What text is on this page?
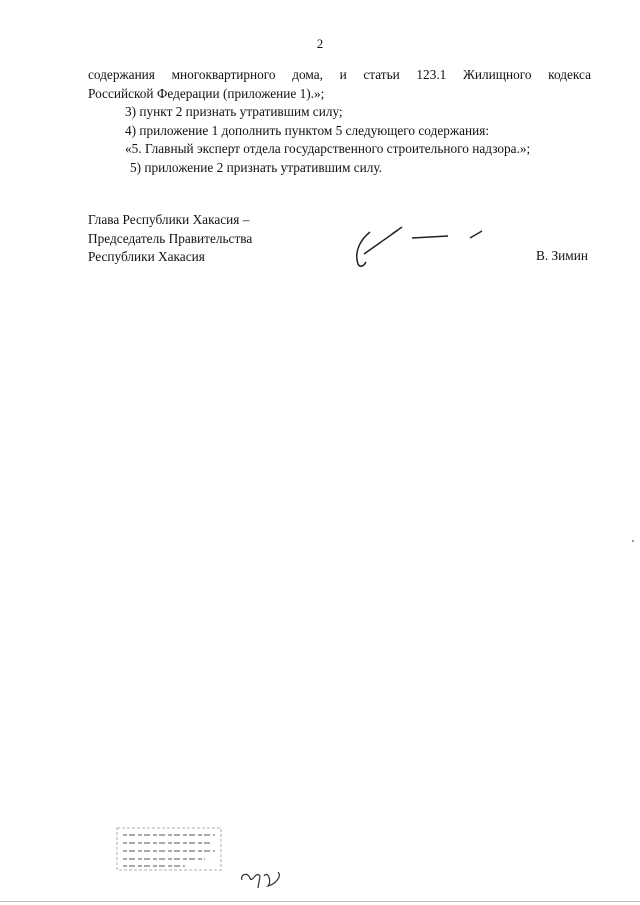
2
содержания многоквартирного дома, и статьи 123.1 Жилищного кодекса
Российской Федерации (приложение 1).»;
3) пункт 2 признать утратившим силу;
4) приложение 1 дополнить пунктом 5 следующего содержания:
«5. Главный эксперт отдела государственного строительного надзора.»;
5) приложение 2 признать утратившим силу.
Глава Республики Хакасия –
Председатель Правительства
Республики Хакасия	В. Зимин
